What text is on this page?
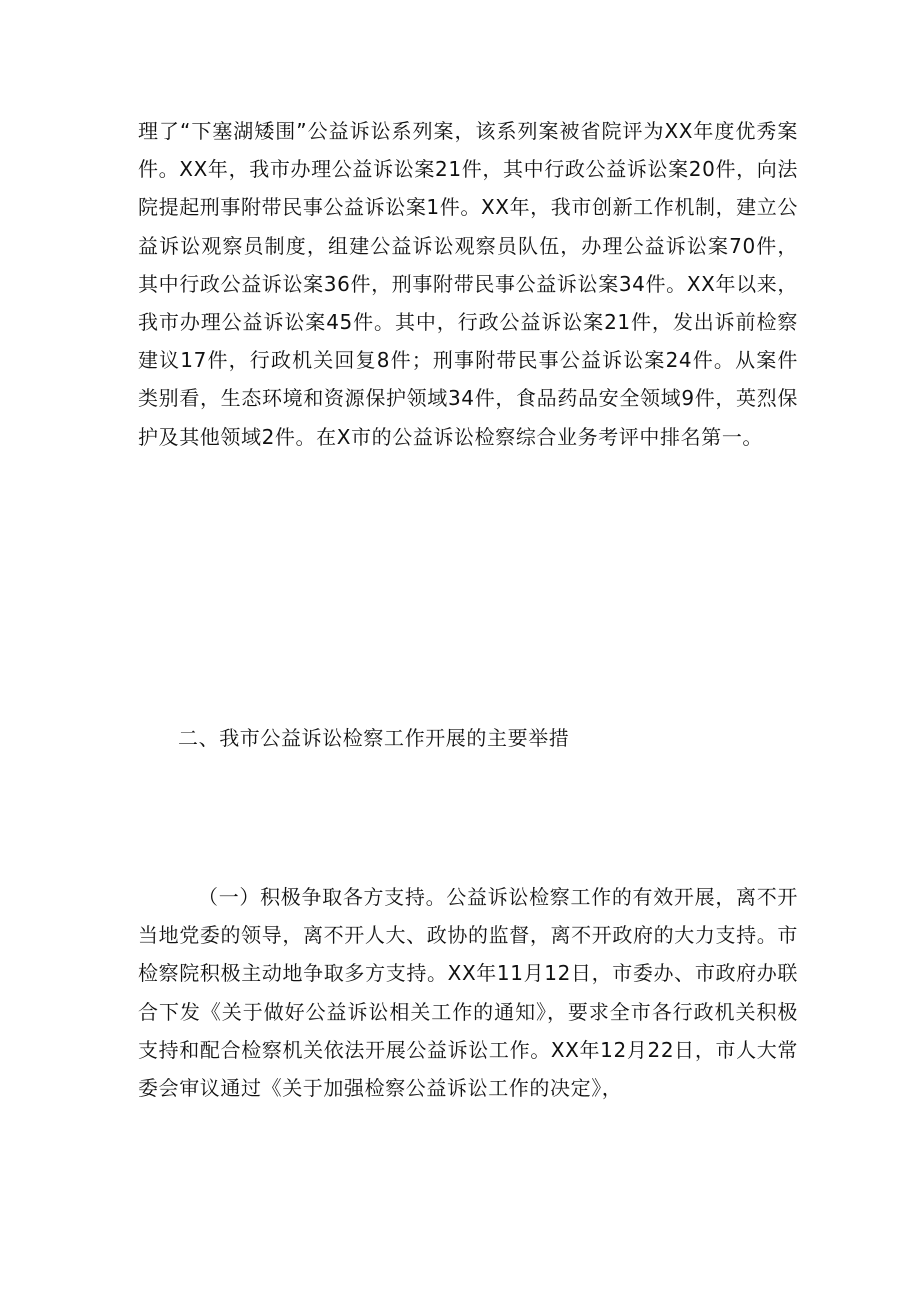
理了“下塞湖矮围”公益诉讼系列案，该系列案被省院评为XX年度优秀案件。XX年，我市办理公益诉讼案21件，其中行政公益诉讼案20件，向法院提起刑事附带民事公益诉讼案1件。XX年，我市创新工作机制，建立公益诉讼观察员制度，组建公益诉讼观察员队伍，办理公益诉讼案70件，其中行政公益诉讼案36件，刑事附带民事公益诉讼案34件。XX年以来，我市办理公益诉讼案45件。其中，行政公益诉讼案21件，发出诉前检察建议17件，行政机关回复8件；刑事附带民事公益诉讼案24件。从案件类别看，生态环境和资源保护领域34件，食品药品安全领域9件，英烈保护及其他领域2件。在X市的公益诉讼检察综合业务考评中排名第一。

二、我市公益诉讼检察工作开展的主要举措

（一）积极争取各方支持。公益诉讼检察工作的有效开展，离不开当地党委的领导，离不开人大、政协的监督，离不开政府的大力支持。市检察院积极主动地争取多方支持。XX年11月12日，市委办、市政府办联合下发《关于做好公益诉讼相关工作的通知》，要求全市各行政机关积极支持和配合检察机关依法开展公益诉讼工作。XX年12月22日，市人大常委会审议通过《关于加强检察公益诉讼工作的决定》，
